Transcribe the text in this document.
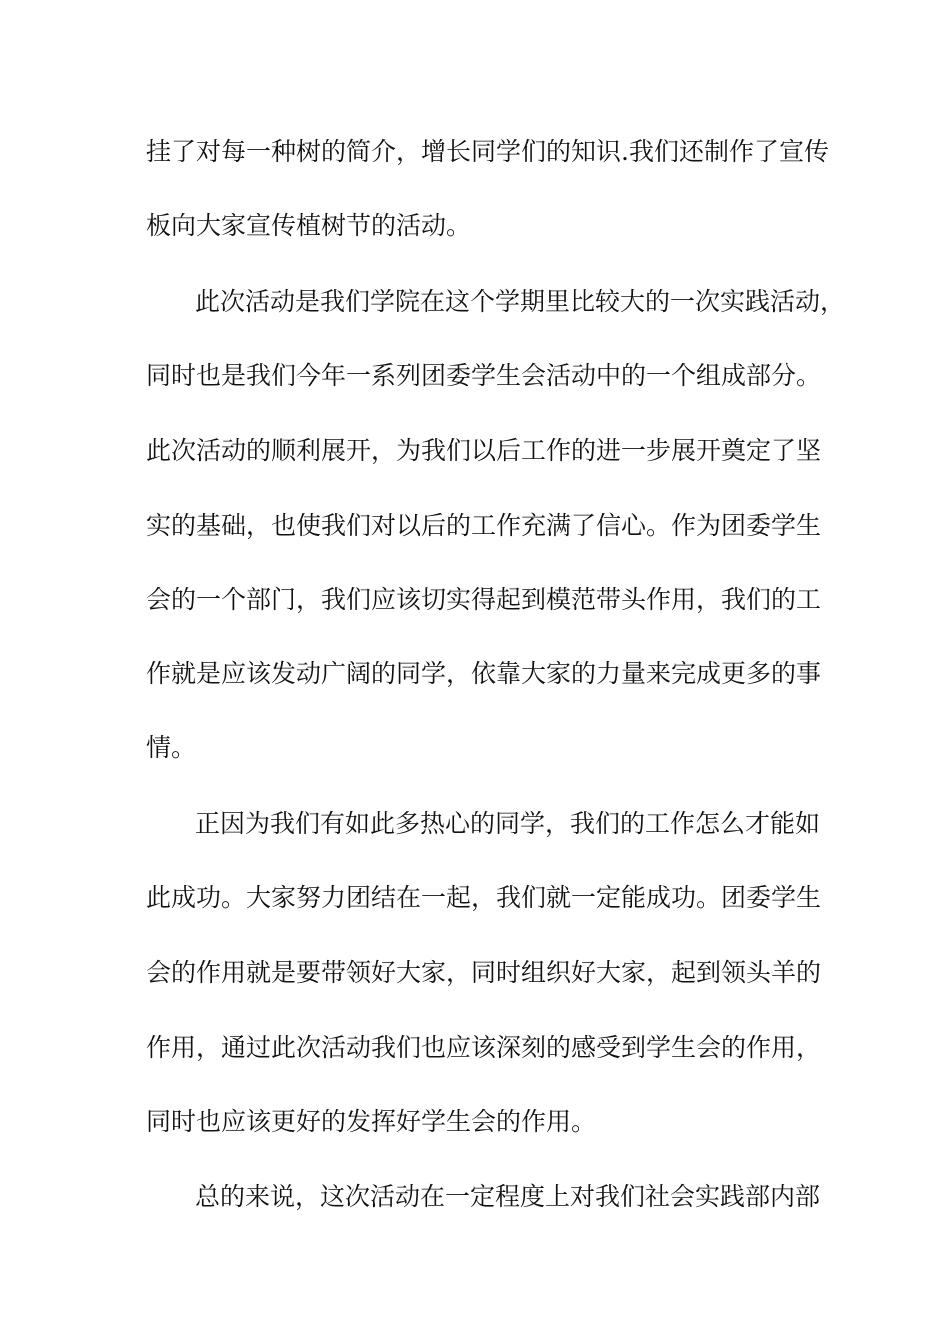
挂了对每一种树的简介，增长同学们的知识.我们还制作了宣传
板向大家宣传植树节的活动。
此次活动是我们学院在这个学期里比较大的一次实践活动，
同时也是我们今年一系列团委学生会活动中的一个组成部分。
此次活动的顺利展开，为我们以后工作的进一步展开奠定了坚
实的基础，也使我们对以后的工作充满了信心。作为团委学生
会的一个部门，我们应该切实得起到模范带头作用，我们的工
作就是应该发动广阔的同学，依靠大家的力量来完成更多的事
情。
正因为我们有如此多热心的同学，我们的工作怎么才能如
此成功。大家努力团结在一起，我们就一定能成功。团委学生
会的作用就是要带领好大家，同时组织好大家，起到领头羊的
作用，通过此次活动我们也应该深刻的感受到学生会的作用，
同时也应该更好的发挥好学生会的作用。
总的来说，这次活动在一定程度上对我们社会实践部内部
